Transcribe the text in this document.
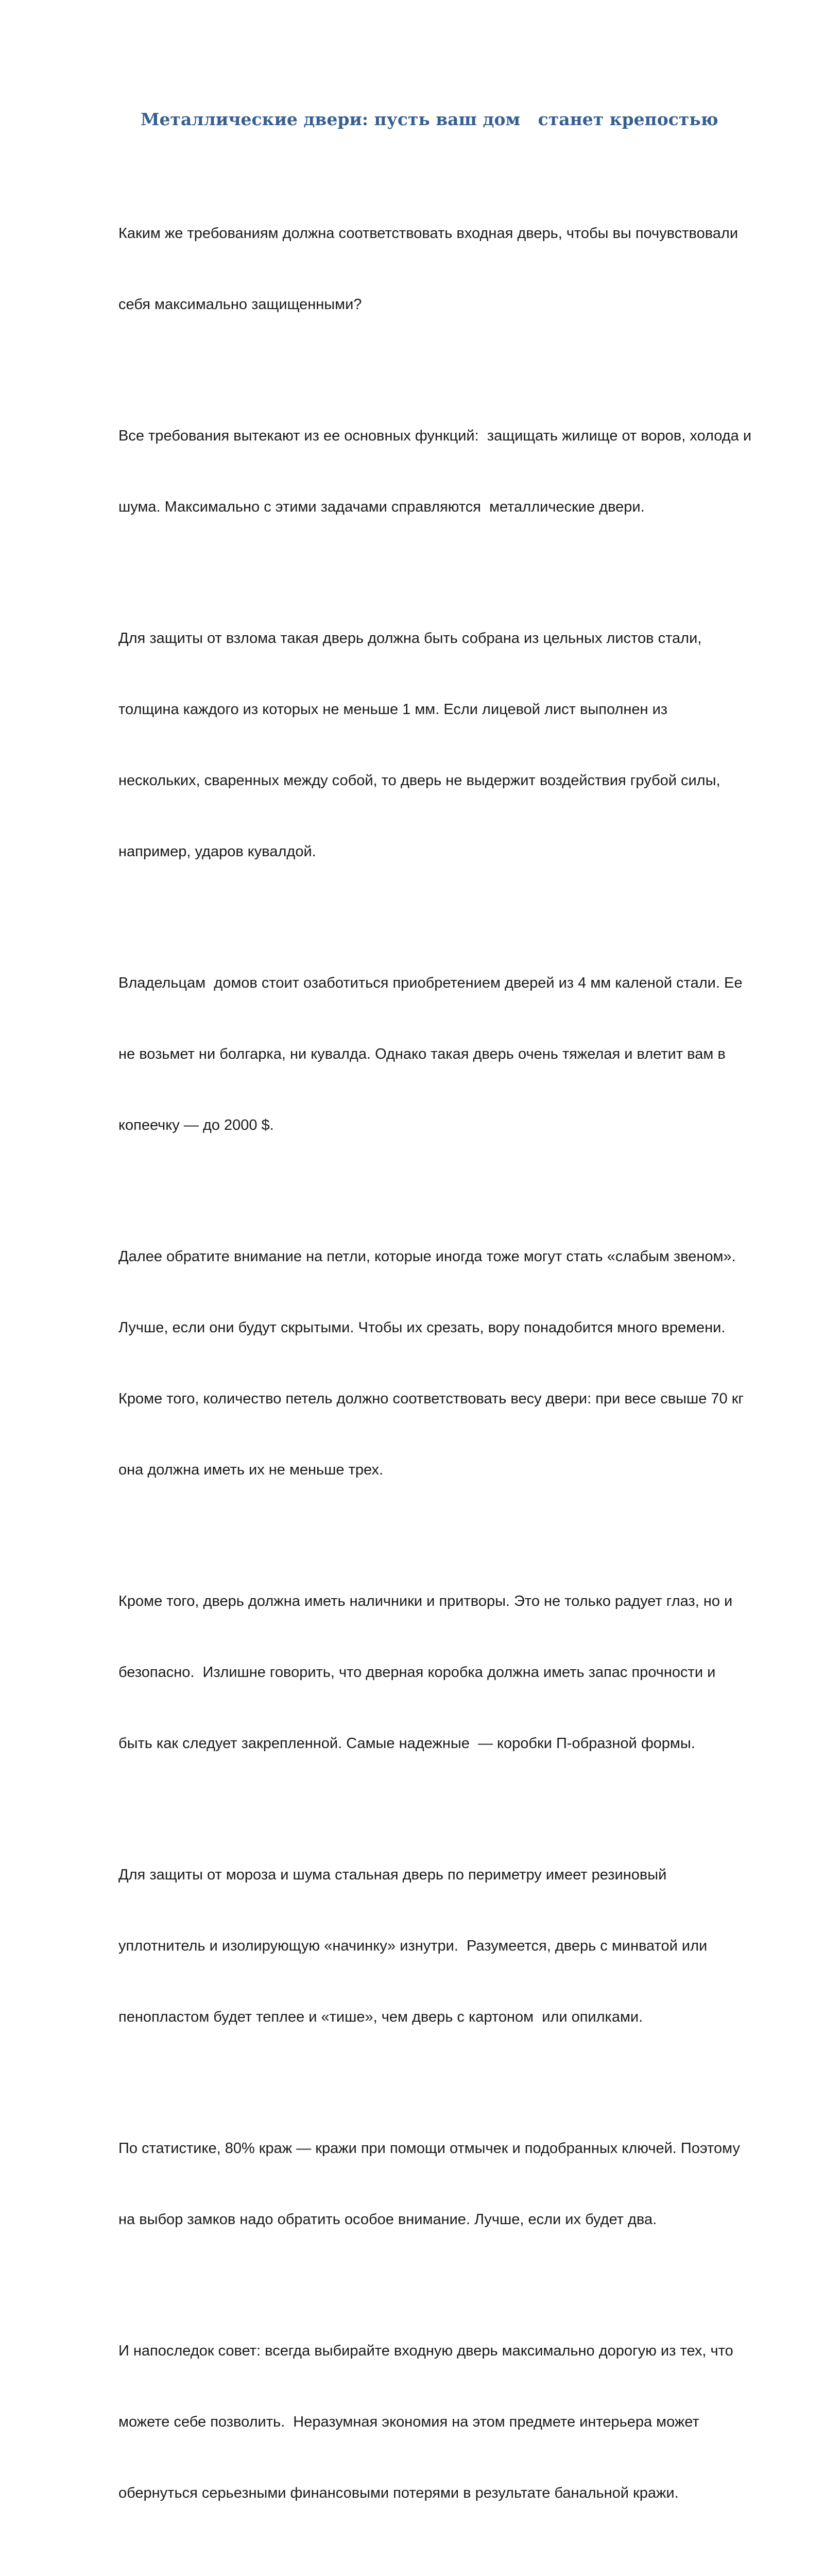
Металлические двери: пусть ваш дом   станет крепостью

Каким же требованиям должна соответствовать входная дверь, чтобы вы почувствовали

себя максимально защищенными?

Все требования вытекают из ее основных функций:  защищать жилище от воров, холода и

шума. Максимально с этими задачами справляются  металлические двери.

Для защиты от взлома такая дверь должна быть собрана из цельных листов стали,

толщина каждого из которых не меньше 1 мм. Если лицевой лист выполнен из

нескольких, сваренных между собой, то дверь не выдержит воздействия грубой силы,

например, ударов кувалдой.

Владельцам  домов стоит озаботиться приобретением дверей из 4 мм каленой стали. Ее

не возьмет ни болгарка, ни кувалда. Однако такая дверь очень тяжелая и влетит вам в

копеечку — до 2000 $.

Далее обратите внимание на петли, которые иногда тоже могут стать «слабым звеном».

Лучше, если они будут скрытыми. Чтобы их срезать, вору понадобится много времени.

Кроме того, количество петель должно соответствовать весу двери: при весе свыше 70 кг

она должна иметь их не меньше трех.

Кроме того, дверь должна иметь наличники и притворы. Это не только радует глаз, но и

безопасно.  Излишне говорить, что дверная коробка должна иметь запас прочности и

быть как следует закрепленной. Самые надежные  — коробки П-образной формы.

Для защиты от мороза и шума стальная дверь по периметру имеет резиновый

уплотнитель и изолирующую «начинку» изнутри.  Разумеется, дверь с минватой или

пенопластом будет теплее и «тише», чем дверь с картоном  или опилками.

По статистике, 80% краж — кражи при помощи отмычек и подобранных ключей. Поэтому

на выбор замков надо обратить особое внимание. Лучше, если их будет два.

И напоследок совет: всегда выбирайте входную дверь максимально дорогую из тех, что

можете себе позволить.  Неразумная экономия на этом предмете интерьера может

обернуться серьезными финансовыми потерями в результате банальной кражи.
